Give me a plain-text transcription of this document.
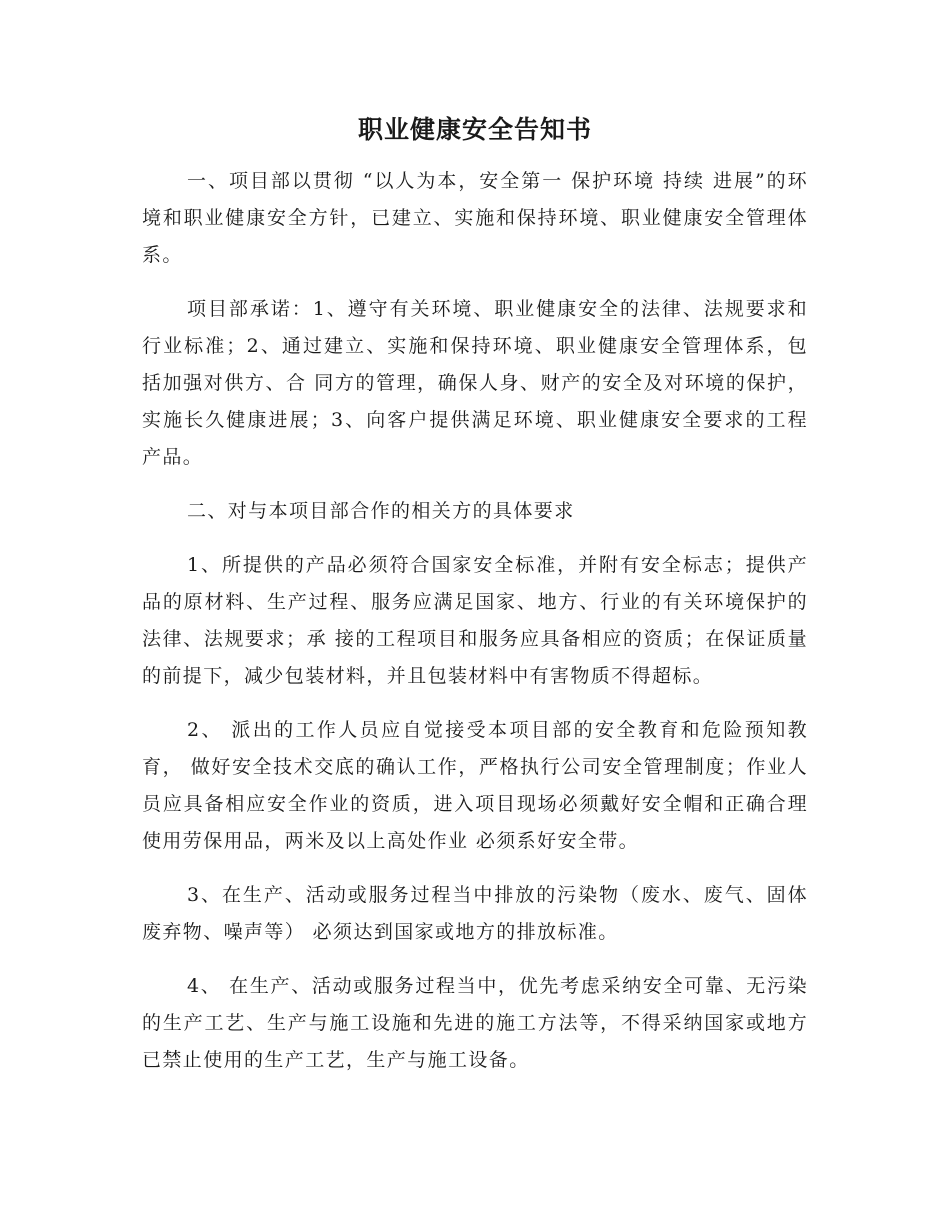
职业健康安全告知书

一、项目部以贯彻 “以人为本，安全第一 保护环境 持续 进展”的环境和职业健康安全方针，已建立、实施和保持环境、职业健康安全管理体系。

项目部承诺：1、遵守有关环境、职业健康安全的法律、法规要求和行业标准；2、通过建立、实施和保持环境、职业健康安全管理体系，包括加强对供方、合 同方的管理，确保人身、财产的安全及对环境的保护，实施长久健康进展；3、向客户提供满足环境、职业健康安全要求的工程产品。

二、对与本项目部合作的相关方的具体要求

1、所提供的产品必须符合国家安全标准，并附有安全标志；提供产品的原材料、生产过程、服务应满足国家、地方、行业的有关环境保护的法律、法规要求；承 接的工程项目和服务应具备相应的资质；在保证质量的前提下，减少包装材料，并且包装材料中有害物质不得超标。

2、 派出的工作人员应自觉接受本项目部的安全教育和危险预知教育， 做好安全技术交底的确认工作，严格执行公司安全管理制度；作业人员应具备相应安全作业的资质，进入项目现场必须戴好安全帽和正确合理使用劳保用品，两米及以上高处作业 必须系好安全带。

3、在生产、活动或服务过程当中排放的污染物（废水、废气、固体废弃物、噪声等） 必须达到国家或地方的排放标准。

4、 在生产、活动或服务过程当中，优先考虑采纳安全可靠、无污染的生产工艺、生产与施工设施和先进的施工方法等，不得采纳国家或地方已禁止使用的生产工艺，生产与施工设备。
